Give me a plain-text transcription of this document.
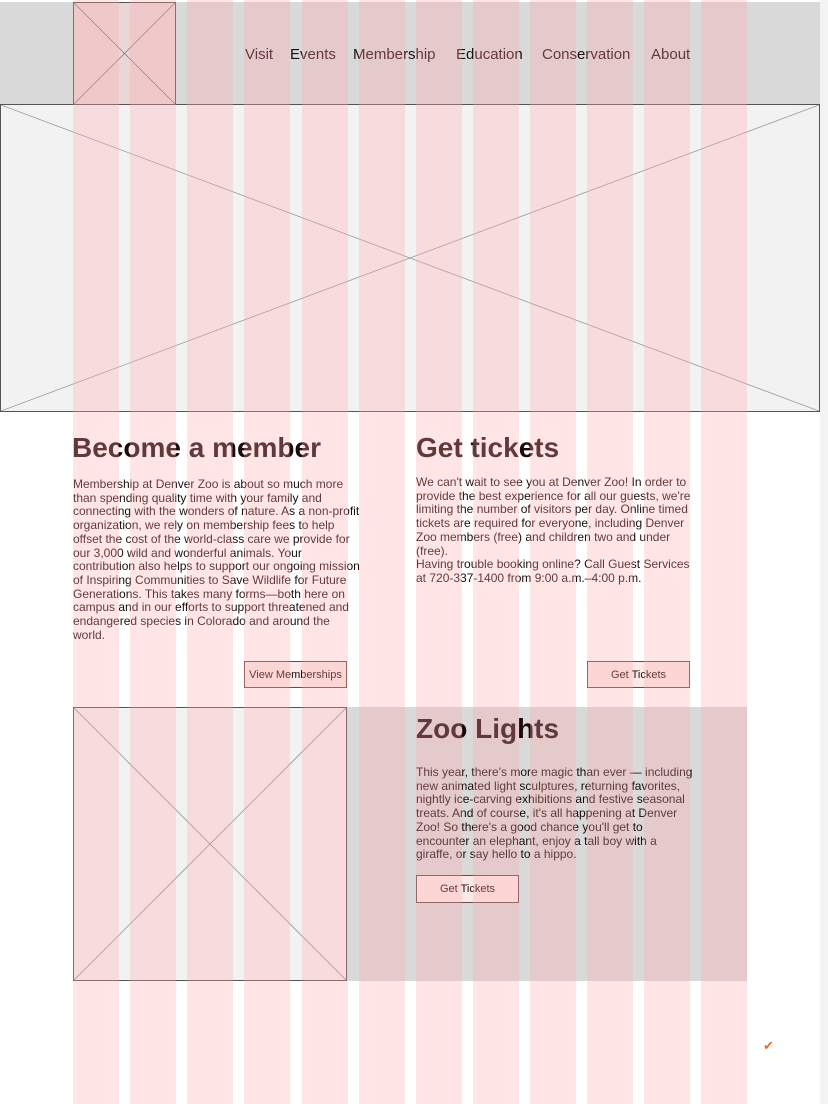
Visit Events Membership Education Conservation About
Become a member

Membership at Denver Zoo is about so much more than spending quality time with your family and connecting with the wonders of nature. As a non-profit organization, we rely on membership fees to help offset the cost of the world-class care we provide for our 3,000 wild and wonderful animals. Your contribution also helps to support our ongoing mission of Inspiring Communities to Save Wildlife for Future Generations. This takes many forms—both here on campus and in our efforts to support threatened and endangered species in Colorado and around the world.

View Memberships
Get tickets

We can't wait to see you at Denver Zoo! In order to provide the best experience for all our guests, we're limiting the number of visitors per day. Online timed tickets are required for everyone, including Denver Zoo members (free) and children two and under (free).

Having trouble booking online? Call Guest Services at 720-337-1400 from 9:00 a.m.–4:00 p.m.

Get Tickets
Zoo Lights

This year, there's more magic than ever — including new animated light sculptures, returning favorites, nightly ice-carving exhibitions and festive seasonal treats. And of course, it's all happening at Denver Zoo! So there's a good chance you'll get to encounter an elephant, enjoy a tall boy with a giraffe, or say hello to a hippo.

Get Tickets
✔
